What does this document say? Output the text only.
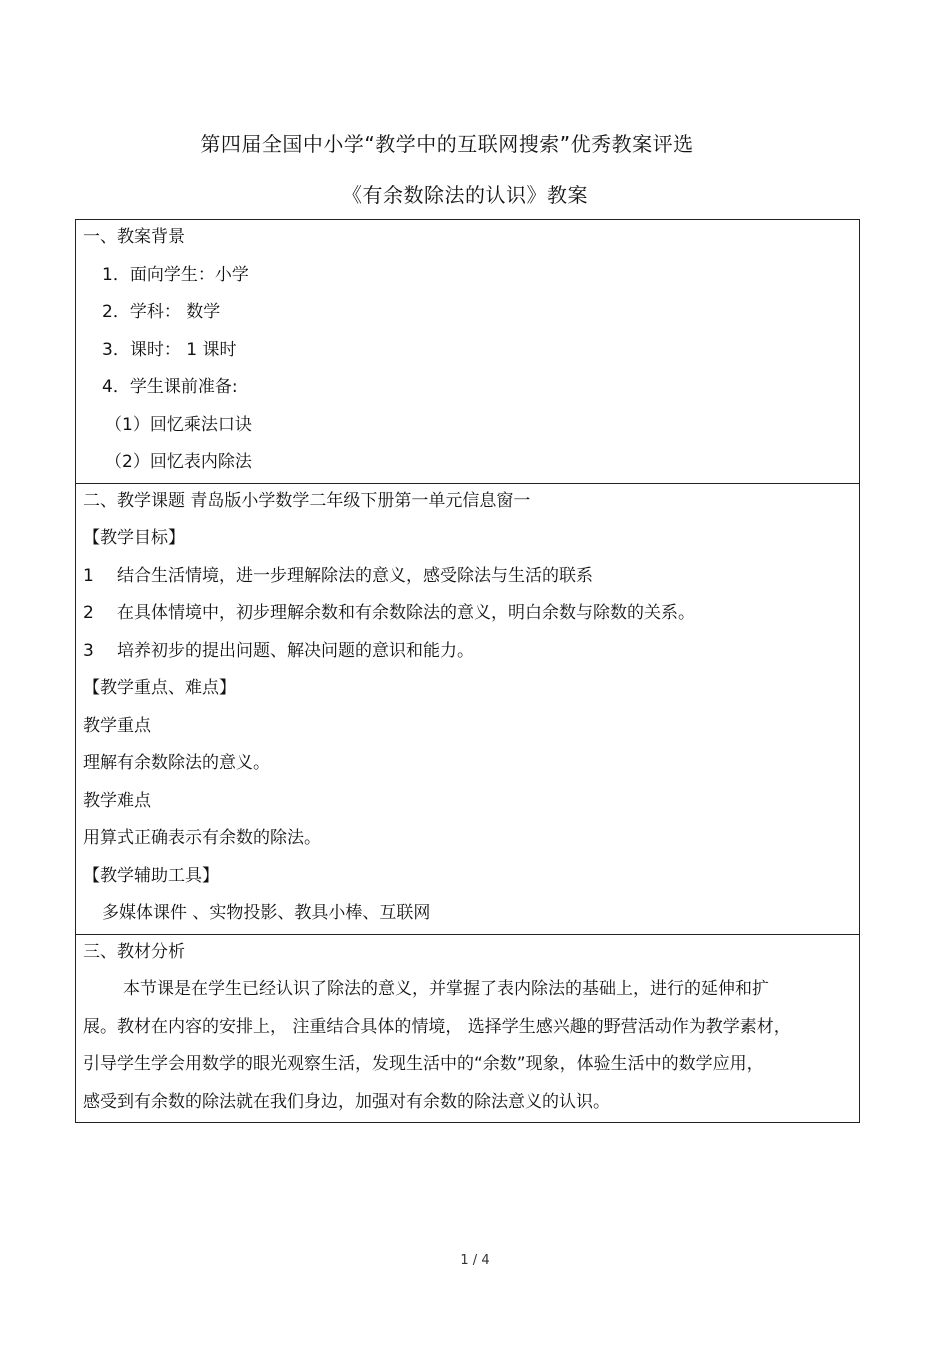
第四届全国中小学“教学中的互联网搜索”优秀教案评选
《有余数除法的认识》教案
一、教案背景
1．面向学生：小学
2．学科： 数学
3．课时： 1 课时
4．学生课前准备:
（1）回忆乘法口诀
（2）回忆表内除法

二、教学课题 青岛版小学数学二年级下册第一单元信息窗一
【教学目标】
1 结合生活情境，进一步理解除法的意义，感受除法与生活的联系
2 在具体情境中，初步理解余数和有余数除法的意义，明白余数与除数的关系。
3 培养初步的提出问题、解决问题的意识和能力。
【教学重点、难点】
教学重点
理解有余数除法的意义。
教学难点
用算式正确表示有余数的除法。
【教学辅助工具】
多媒体课件 、实物投影、教具小棒、互联网

三、教材分析
本节课是在学生已经认识了除法的意义，并掌握了表内除法的基础上，进行的延伸和扩
展。教材在内容的安排上， 注重结合具体的情境， 选择学生感兴趣的野营活动作为教学素材，
引导学生学会用数学的眼光观察生活，发现生活中的“余数”现象，体验生活中的数学应用，
感受到有余数的除法就在我们身边，加强对有余数的除法意义的认识。
1 / 4
